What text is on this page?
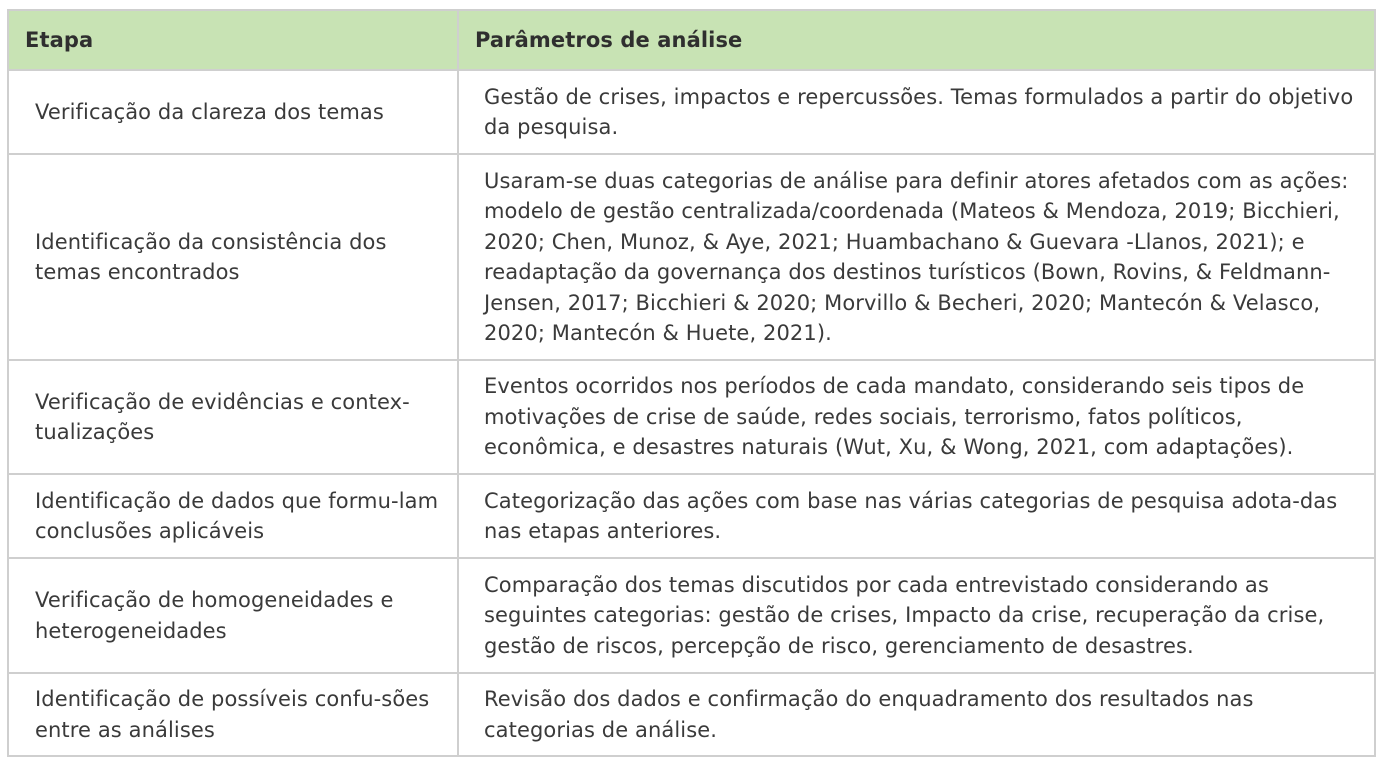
Etapa	Parâmetros de análise
Verificação da clareza dos temas	Gestão de crises, impactos e repercussões. Temas formulados a partir do objetivo da pesquisa.
Identificação da consistência dos temas encontrados	Usaram-se duas categorias de análise para definir atores afetados com as ações: modelo de gestão centralizada/coordenada (Mateos & Mendoza, 2019; Bicchieri, 2020; Chen, Munoz, & Aye, 2021; Huambachano & Guevara -Llanos, 2021); e readaptação da governança dos destinos turísticos (Bown, Rovins, & Feldmann-Jensen, 2017; Bicchieri & 2020; Morvillo & Becheri, 2020; Mantecón & Velasco, 2020; Mantecón & Huete, 2021).
Verificação de evidências e contex-tualizações	Eventos ocorridos nos períodos de cada mandato, considerando seis tipos de motivações de crise de saúde, redes sociais, terrorismo, fatos políticos, econômica, e desastres naturais (Wut, Xu, & Wong, 2021, com adaptações).
Identificação de dados que formu-lam conclusões aplicáveis	Categorização das ações com base nas várias categorias de pesquisa adota-das nas etapas anteriores.
Verificação de homogeneidades e heterogeneidades	Comparação dos temas discutidos por cada entrevistado considerando as seguintes categorias: gestão de crises, Impacto da crise, recuperação da crise, gestão de riscos, percepção de risco, gerenciamento de desastres.
Identificação de possíveis confu-sões entre as análises	Revisão dos dados e confirmação do enquadramento dos resultados nas categorias de análise.
